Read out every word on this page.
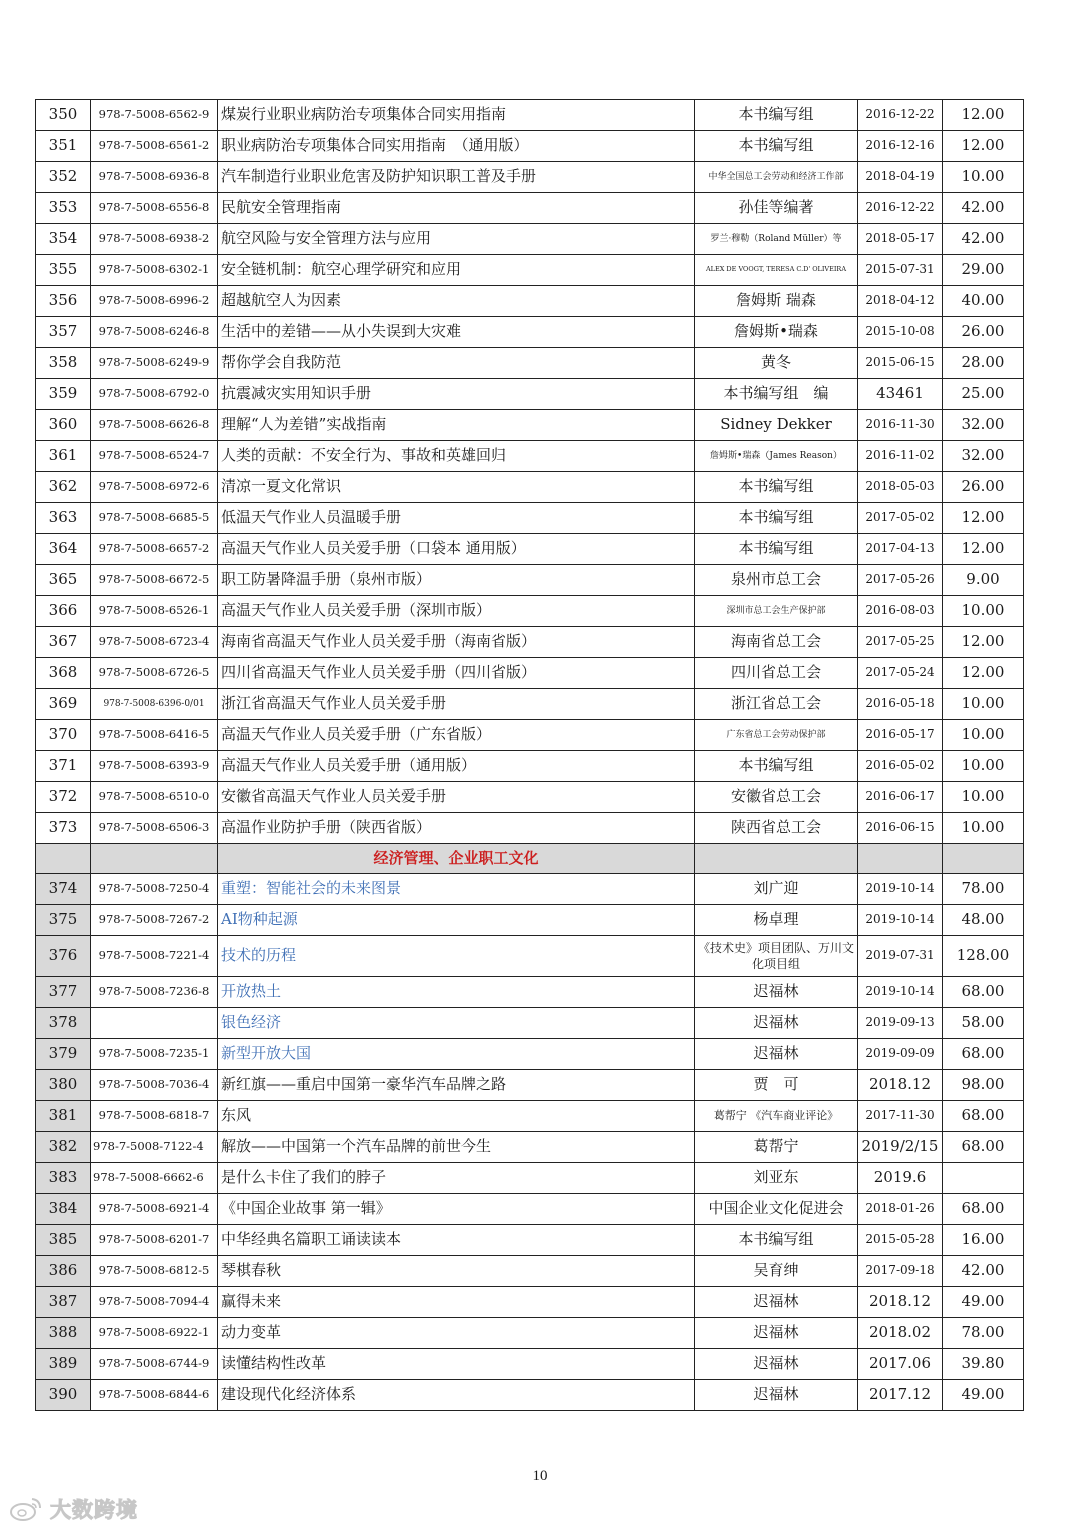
350	978-7-5008-6562-9	煤炭行业职业病防治专项集体合同实用指南	本书编写组	2016-12-22	12.00
351	978-7-5008-6561-2	职业病防治专项集体合同实用指南　（通用版）	本书编写组	2016-12-16	12.00
352	978-7-5008-6936-8	汽车制造行业职业危害及防护知识职工普及手册	中华全国总工会劳动和经济工作部	2018-04-19	10.00
353	978-7-5008-6556-8	民航安全管理指南	孙佳等编著	2016-12-22	42.00
354	978-7-5008-6938-2	航空风险与安全管理方法与应用	罗兰·穆勒（Roland Müller）等	2018-05-17	42.00
355	978-7-5008-6302-1	安全链机制：航空心理学研究和应用	ALEX DE VOOGT, TERESA C.D' OLIVEIRA	2015-07-31	29.00
356	978-7-5008-6996-2	超越航空人为因素	詹姆斯 瑞森	2018-04-12	40.00
357	978-7-5008-6246-8	生活中的差错——从小失误到大灾难	詹姆斯•瑞森	2015-10-08	26.00
358	978-7-5008-6249-9	帮你学会自我防范	黄冬	2015-06-15	28.00
359	978-7-5008-6792-0	抗震减灾实用知识手册	本书编写组　编	43461	25.00
360	978-7-5008-6626-8	理解“人为差错”实战指南	Sidney Dekker	2016-11-30	32.00
361	978-7-5008-6524-7	人类的贡献：不安全行为、事故和英雄回归	詹姆斯•瑞森（James Reason）	2016-11-02	32.00
362	978-7-5008-6972-6	清凉一夏文化常识	本书编写组	2018-05-03	26.00
363	978-7-5008-6685-5	低温天气作业人员温暖手册	本书编写组	2017-05-02	12.00
364	978-7-5008-6657-2	高温天气作业人员关爱手册（口袋本 通用版）	本书编写组	2017-04-13	12.00
365	978-7-5008-6672-5	职工防暑降温手册（泉州市版）	泉州市总工会	2017-05-26	9.00
366	978-7-5008-6526-1	高温天气作业人员关爱手册（深圳市版）	深圳市总工会生产保护部	2016-08-03	10.00
367	978-7-5008-6723-4	海南省高温天气作业人员关爱手册（海南省版）	海南省总工会	2017-05-25	12.00
368	978-7-5008-6726-5	四川省高温天气作业人员关爱手册（四川省版）	四川省总工会	2017-05-24	12.00
369	978-7-5008-6396-0/01	浙江省高温天气作业人员关爱手册	浙江省总工会	2016-05-18	10.00
370	978-7-5008-6416-5	高温天气作业人员关爱手册（广东省版）	广东省总工会劳动保护部	2016-05-17	10.00
371	978-7-5008-6393-9	高温天气作业人员关爱手册（通用版）	本书编写组	2016-05-02	10.00
372	978-7-5008-6510-0	安徽省高温天气作业人员关爱手册	安徽省总工会	2016-06-17	10.00
373	978-7-5008-6506-3	高温作业防护手册（陕西省版）	陕西省总工会	2016-06-15	10.00
		经济管理、企业职工文化			
374	978-7-5008-7250-4	重塑：智能社会的未来图景	刘广迎	2019-10-14	78.00
375	978-7-5008-7267-2	AI物种起源	杨卓理	2019-10-14	48.00
376	978-7-5008-7221-4	技术的历程	《技术史》项目团队、万川文化项目组	2019-07-31	128.00
377	978-7-5008-7236-8	开放热土	迟福林	2019-10-14	68.00
378		银色经济	迟福林	2019-09-13	58.00
379	978-7-5008-7235-1	新型开放大国	迟福林	2019-09-09	68.00
380	978-7-5008-7036-4	新红旗——重启中国第一豪华汽车品牌之路	贾　可	2018.12	98.00
381	978-7-5008-6818-7	东风	葛帮宁 《汽车商业评论》	2017-11-30	68.00
382	978-7-5008-7122-4	解放——中国第一个汽车品牌的前世今生	葛帮宁	2019/2/15	68.00
383	978-7-5008-6662-6	是什么卡住了我们的脖子	刘亚东	2019.6	
384	978-7-5008-6921-4	《中国企业故事 第一辑》	中国企业文化促进会	2018-01-26	68.00
385	978-7-5008-6201-7	中华经典名篇职工诵读读本	本书编写组	2015-05-28	16.00
386	978-7-5008-6812-5	琴棋春秋	吴育绅	2017-09-18	42.00
387	978-7-5008-7094-4	赢得未来	迟福林	2018.12	49.00
388	978-7-5008-6922-1	动力变革	迟福林	2018.02	78.00
389	978-7-5008-6744-9	读懂结构性改革	迟福林	2017.06	39.80
390	978-7-5008-6844-6	建设现代化经济体系	迟福林	2017.12	49.00
10
大数跨境
